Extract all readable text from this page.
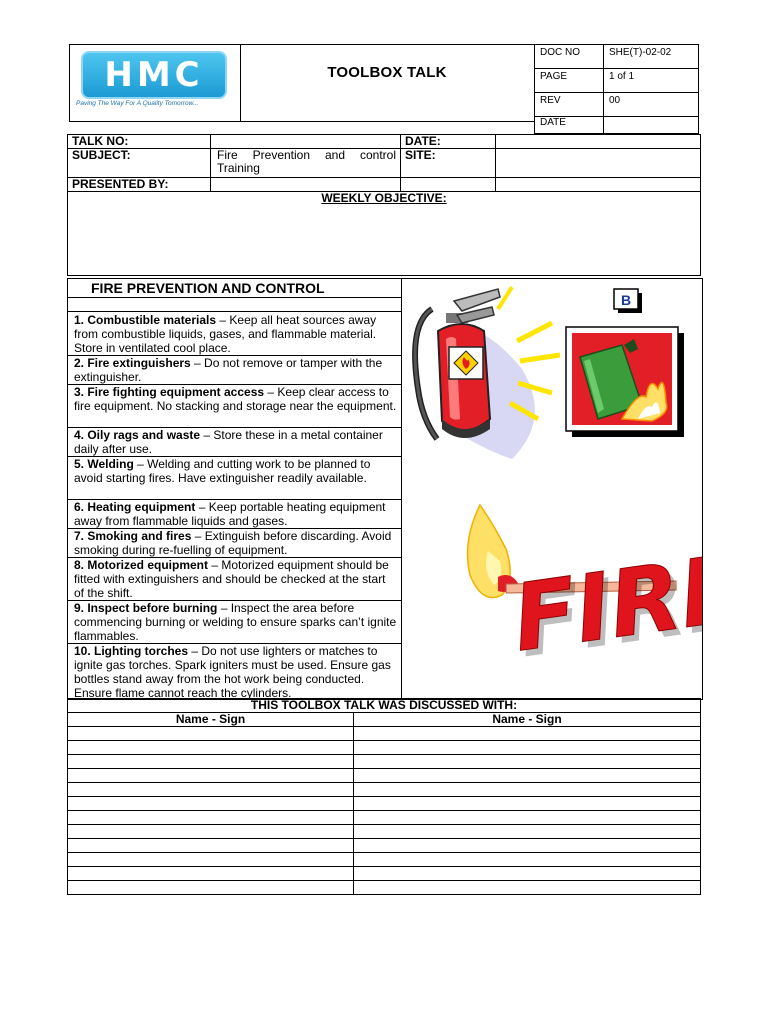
HMC
Paving The Way For A Quality Tomorrow...
TOOLBOX TALK
DOC NO	SHE(T)-02-02
PAGE	1 of 1
REV	00
DATE	
TALK NO:		DATE:	
SUBJECT:	Fire Prevention and control Training	SITE:	
PRESENTED BY:			
WEEKLY OBJECTIVE:			
FIRE PREVENTION AND CONTROL
1. Combustible materials – Keep all heat sources away from combustible liquids, gases, and flammable material. Store in ventilated cool place.
2. Fire extinguishers – Do not remove or tamper with the extinguisher.
3. Fire fighting equipment access – Keep clear access to fire equipment. No stacking and storage near the equipment.
4. Oily rags and waste – Store these in a metal container daily after use.
5. Welding – Welding and cutting work to be planned to avoid starting fires. Have extinguisher readily available.
6. Heating equipment – Keep portable heating equipment away from flammable liquids and gases.
7. Smoking and fires – Extinguish before discarding. Avoid smoking during re-fuelling of equipment.
8. Motorized equipment – Motorized equipment should be fitted with extinguishers and should be checked at the start of the shift.
9. Inspect before burning – Inspect the area before commencing burning or welding to ensure sparks can’t ignite flammables.
10. Lighting torches – Do not use lighters or matches to ignite gas torches. Spark igniters must be used. Ensure gas bottles stand away from the hot work being conducted. Ensure flame cannot reach the cylinders.
B
FIRE
FIRE
THIS TOOLBOX TALK WAS DISCUSSED WITH:	
Name - Sign	Name - Sign
